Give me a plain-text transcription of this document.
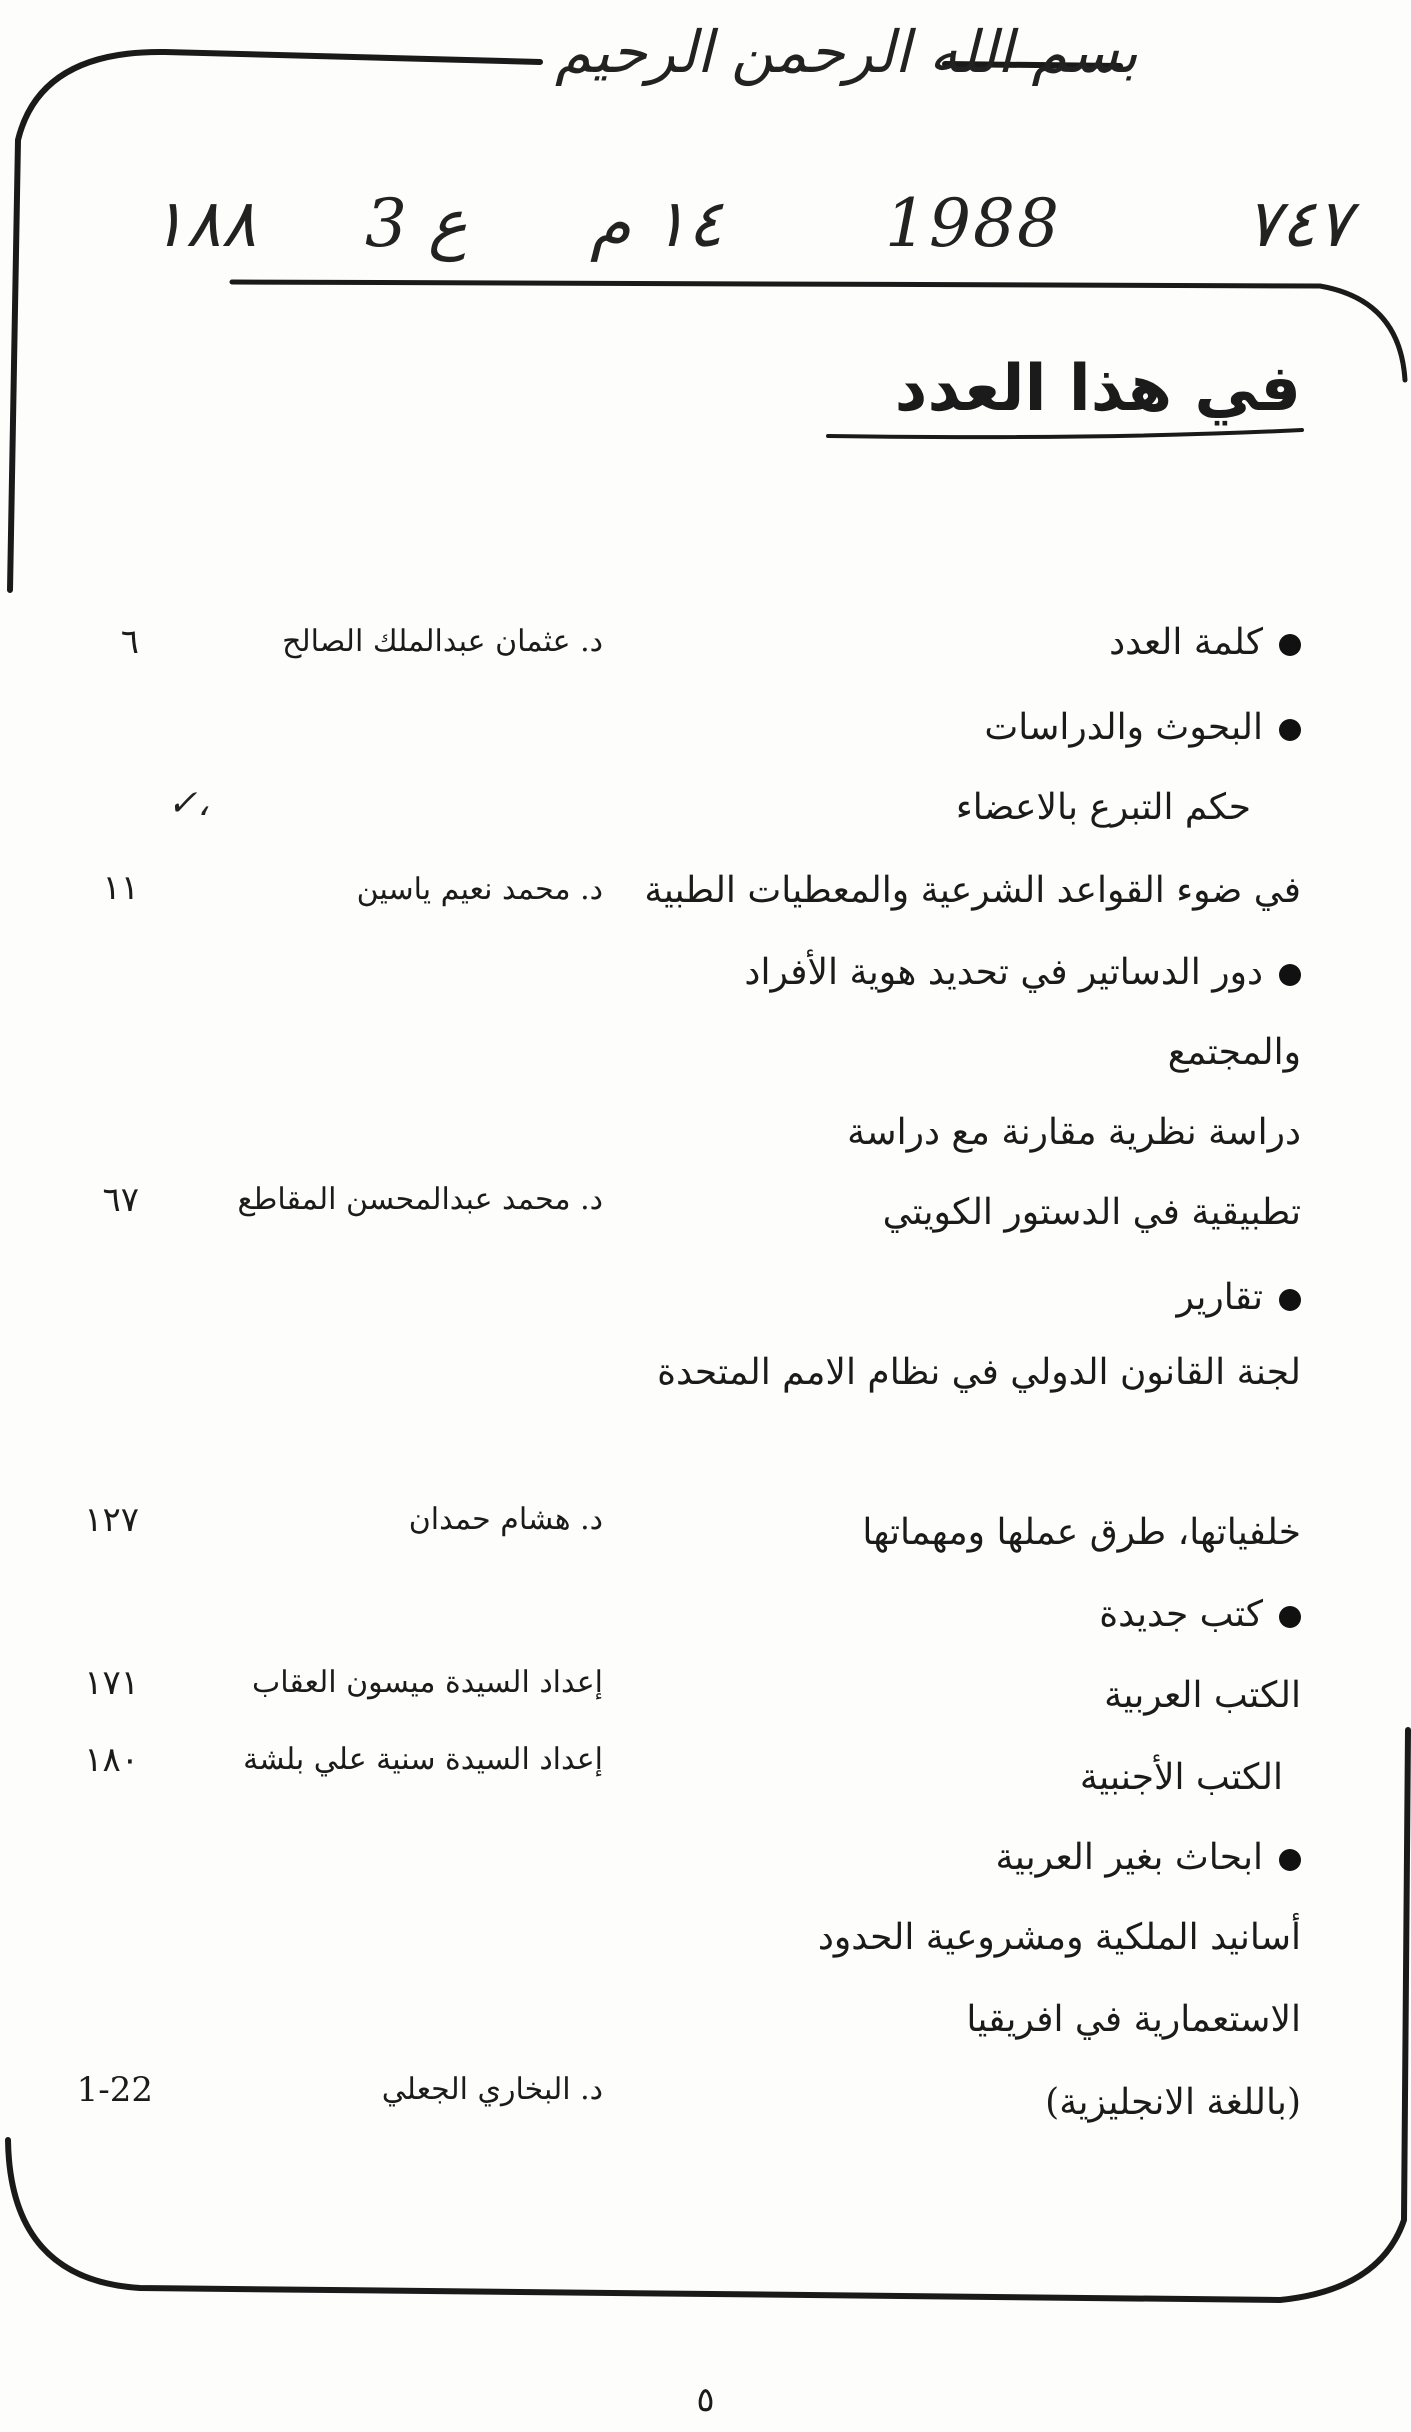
بسم الله الرحمن الرحيم
١٨٨ 3 ع ١٤ م 1988	٧٤٧
في هذا العدد
كلمة العدد
د. عثمان عبدالملك الصالح
٦
البحوث والدراسات
✓،	حكم التبرع بالاعضاء
في ضوء القواعد الشرعية والمعطيات الطبية
د. محمد نعيم ياسين
١١
دور الدساتير في تحديد هوية الأفراد
والمجتمع
دراسة نظرية مقارنة مع دراسة
تطبيقية في الدستور الكويتي
د. محمد عبدالمحسن المقاطع
٦٧
تقارير
لجنة القانون الدولي في نظام الامم المتحدة
خلفياتها، طرق عملها ومهماتها
د. هشام حمدان
١٢٧
كتب جديدة
الكتب العربية
إعداد السيدة ميسون العقاب
١٧١
الكتب الأجنبية
إعداد السيدة سنية علي بلشة
١٨٠
ابحاث بغير العربية
أسانيد الملكية ومشروعية الحدود
الاستعمارية في افريقيا
(باللغة الانجليزية)
د. البخاري الجعلي
1-22
٥
